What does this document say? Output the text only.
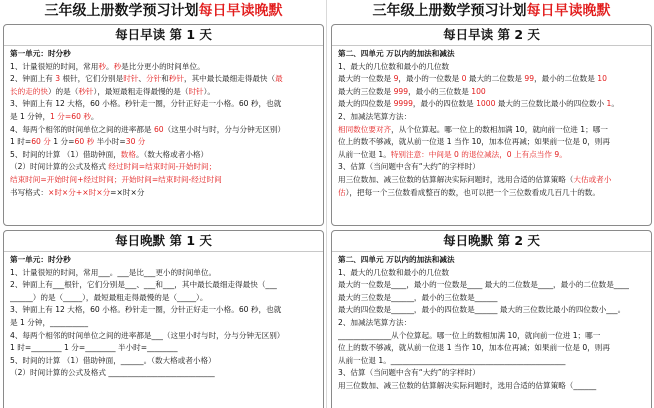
三年级上册数学预习计划每日早读晚默
每日早读 第 1 天
第一单元：时分秒
1、计量很短的时间，常用秒。秒是比分更小的时间单位。
2、钟面上有 3 根针，它们分别是时针、分针和秒针，其中最长最细走得最快（最
长的走的快）的是（秒针），最短最粗走得最慢的是（时针）。
3、钟面上有 12 大格，60 小格。秒针走一圈，分针正好走一小格。60 秒，也就
是 1 分钟，1 分=60 秒。
4、每两个相邻的时间单位之间的进率都是 60（这里小时与时，分与分钟无区别）
1 时=60 分 1 分=60 秒 半小时=30 分
5、时间的计算 （1）借助钟面，数格。（数大格或者小格）
（2）时间计算的公式及格式 经过时间=结束时间-开始时间；
结束时间=开始时间+经过时间；开始时间=结束时间-经过时间
书写格式：×时×分+×时×分=×时×分
每日晚默 第 1 天
第一单元：时分秒
1、计量很短的时间，常用___。___是比___更小的时间单位。
2、钟面上有___根针，它们分别是___、___和___，其中最长最细走得最快（___
______）的是（_____），最短最粗走得最慢的是（_____）。
3、钟面上有 12 大格，60 小格。秒针走一圈，分针正好走一小格。60 秒，也就
是 1 分钟，__________
4、每两个相邻的时间单位之间的进率都是___（这里小时与时，分与分钟无区别）
1 时=________ 1 分=________ 半小时=________
5、时间的计算 （1）借助钟面，______。（数大格或者小格）
（2）时间计算的公式及格式 ____________________________
三年级上册数学预习计划每日早读晚默
每日早读 第 2 天
第二、四单元 万以内的加法和减法
1、最大的几位数和最小的几位数
最大的一位数是 9，最小的一位数是 0 最大的二位数是 99，最小的二位数是 10
最大的三位数是 999，最小的三位数是 100
最大的四位数是 9999，最小的四位数是 1000 最大的三位数比最小的四位数小 1。
2、加减法笔算方法：
相同数位要对齐，从个位算起。哪一位上的数相加满 10，就向前一位进 1；哪一
位上的数不够减，就从前一位退 1 当作 10，加本位再减；如果前一位是 0，则再
从前一位退 1。特别注意：中间是 0 的退位减法，0 上有点当作 9。
3、估算（当问题中含有“大约”的字样时）
用三位数加、减三位数的估算解决实际问题时，选用合适的估算策略（大估或者小
估），把每一个三位数看成整百的数，也可以把一个三位数看成几百几十的数。
每日晚默 第 2 天
第二、四单元 万以内的加法和减法
1、最大的几位数和最小的几位数
最大的一位数是____，最小的一位数是____ 最大的二位数是____，最小的二位数是____
最大的三位数是______，最小的三位数是______
最大的四位数是______，最小的四位数是______ 最大的三位数比最小的四位数小___。
2、加减法笔算方法：
______________从个位算起。哪一位上的数相加满 10，就向前一位进 1；哪一
位上的数不够减，就从前一位退 1 当作 10，加本位再减；如果前一位是 0，则再
从前一位退 1。______________________________________________
3、估算（当问题中含有“大约”的字样时）
用三位数加、减三位数的估算解决实际问题时，选用合适的估算策略（______
